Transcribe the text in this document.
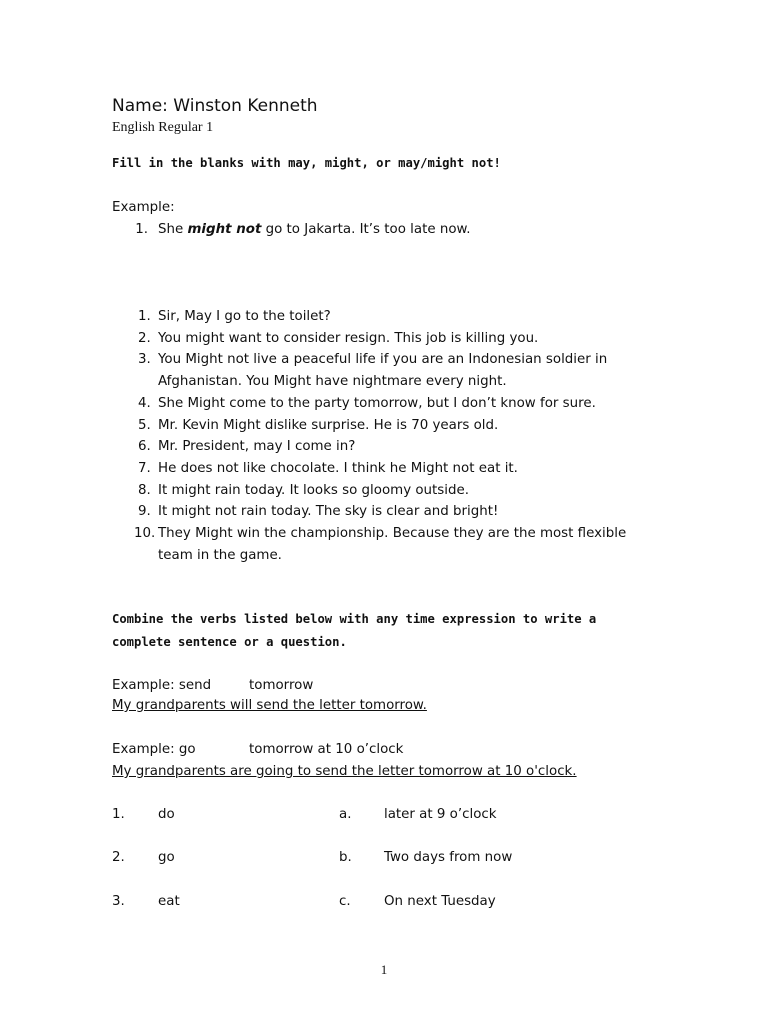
Name: Winston Kenneth
English Regular 1
Fill in the blanks with may, might, or may/might not!
Example:
1. She might not go to Jakarta. It’s too late now.
1. Sir, May I go to the toilet?
2. You might want to consider resign. This job is killing you.
3. You Might not live a peaceful life if you are an Indonesian soldier in
Afghanistan. You Might have nightmare every night.
4. She Might come to the party tomorrow, but I don’t know for sure.
5. Mr. Kevin Might dislike surprise. He is 70 years old.
6. Mr. President, may I come in?
7. He does not like chocolate. I think he Might not eat it.
8. It might rain today. It looks so gloomy outside.
9. It might not rain today. The sky is clear and bright!
10. They Might win the championship. Because they are the most flexible
team in the game.
Combine the verbs listed below with any time expression to write a
complete sentence or a question.
Example: send	tomorrow
My grandparents will send the letter tomorrow.
Example: go	tomorrow at 10 o’clock
My grandparents are going to send the letter tomorrow at 10 o'clock.
1. do	a. later at 9 o’clock
2. go	b. Two days from now
3. eat	c. On next Tuesday
1
